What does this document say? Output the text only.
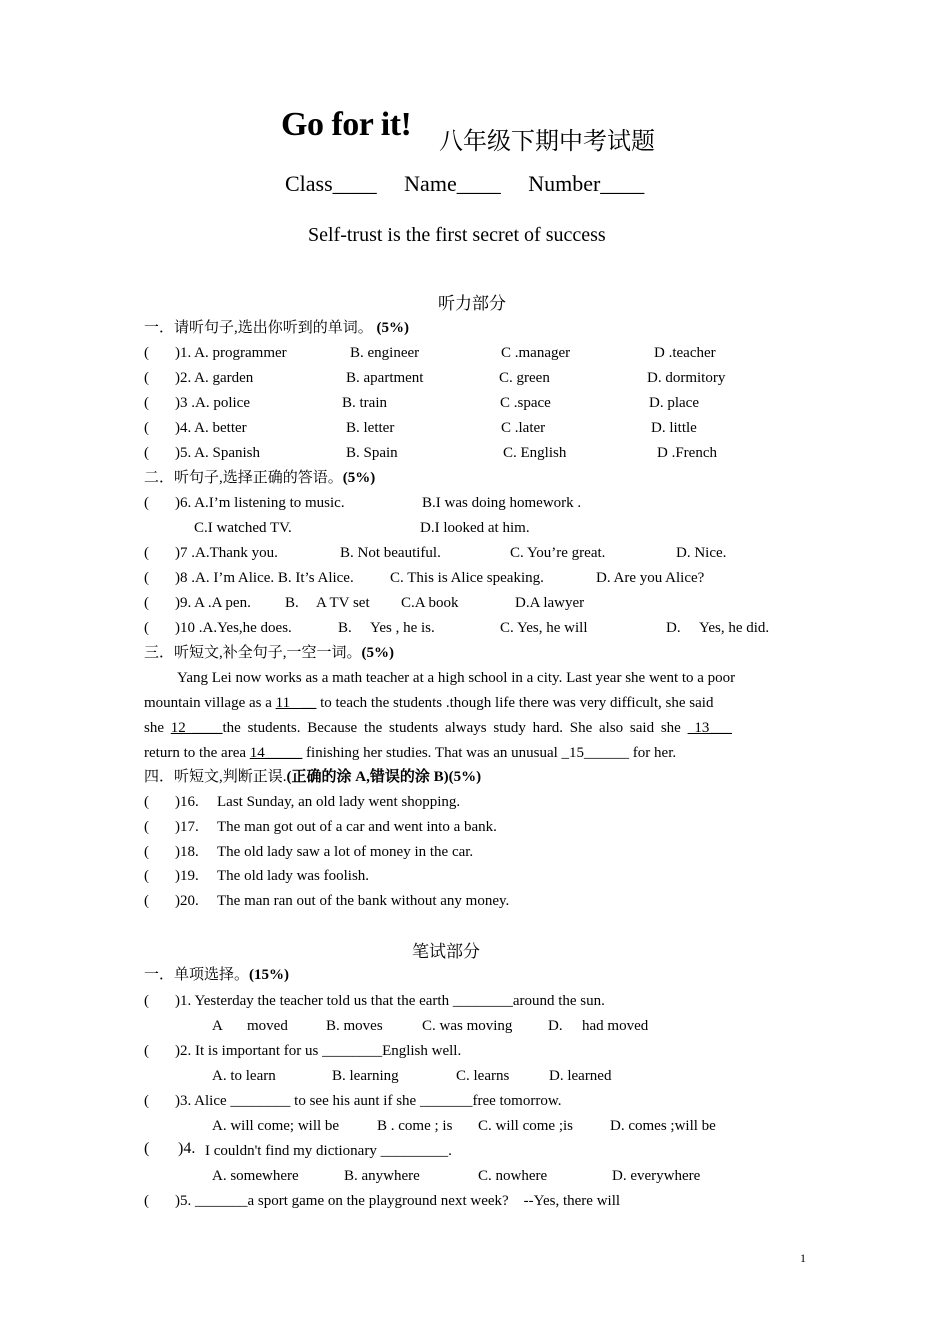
Go for it! 八年级下期中考试题
Class____     Name____     Number____
Self-trust is the first secret of success
听力部分
一．请听句子,选出你听到的单词。 (5%)
( )1. A. programmer	B. engineer	C .manager	D .teacher
( )2. A. garden	B. apartment	C. green	D. dormitory
( )3 .A. police	B. train	C .space	D. place
( )4. A. better	B. letter	C .later	D. little
( )5. A. Spanish	B. Spain	C. English	D .French
二．听句子,选择正确的答语。(5%)
( )6. A.I’m listening to music.	B.I was doing homework .
C.I watched TV.	D.I looked at him.
( )7 .A.Thank you.	B. Not beautiful.	C. You’re great.	D. Nice.
( )8 .A. I’m Alice. B. It’s Alice. C. This is Alice speaking.	D. Are you Alice?
( )9. A .A pen. B. A TV set C.A book	D.A lawyer
( )10 .A.Yes,he does.	B. Yes , he is.	C. Yes, he will	D. Yes, he did.
三．听短文,补全句子,一空一词。(5%)
Yang Lei now works as a math teacher at a high school in a city. Last year she went to a poor
mountain village as a 11   __ to teach the students .though life there was very difficult, she said
she 12 ____the students. Because the students always study hard. She also said she  13___
return to the area 14_____ finishing her studies. That was an unusual _15______ for her.
四．听短文,判断正误.(正确的涂 A,错误的涂 B)(5%)
( )16. Last Sunday, an old lady went shopping.
( )17. The man got out of a car and went into a bank.
( )18. The old lady saw a lot of money in the car.
( )19. The old lady was foolish.
( )20. The man ran out of the bank without any money.
笔试部分
一．单项选择。(15%)
( )1. Yesterday the teacher told us that the earth ________around the sun.
A moved	B. moves	C. was moving D. had moved
( )2. It is important for us ________English well.
A. to learn	B. learning	C. learns	D. learned
( )3. Alice ________ to see his aunt if she _______free tomorrow.
A. will come; will be	B . come ; is C. will come ;is D. comes ;will be
( )4. I couldn't find my dictionary _________.
A. somewhere	B. anywhere	C. nowhere	D. everywhere
( )5. _______a sport game on the playground next week?    --Yes, there will
1
